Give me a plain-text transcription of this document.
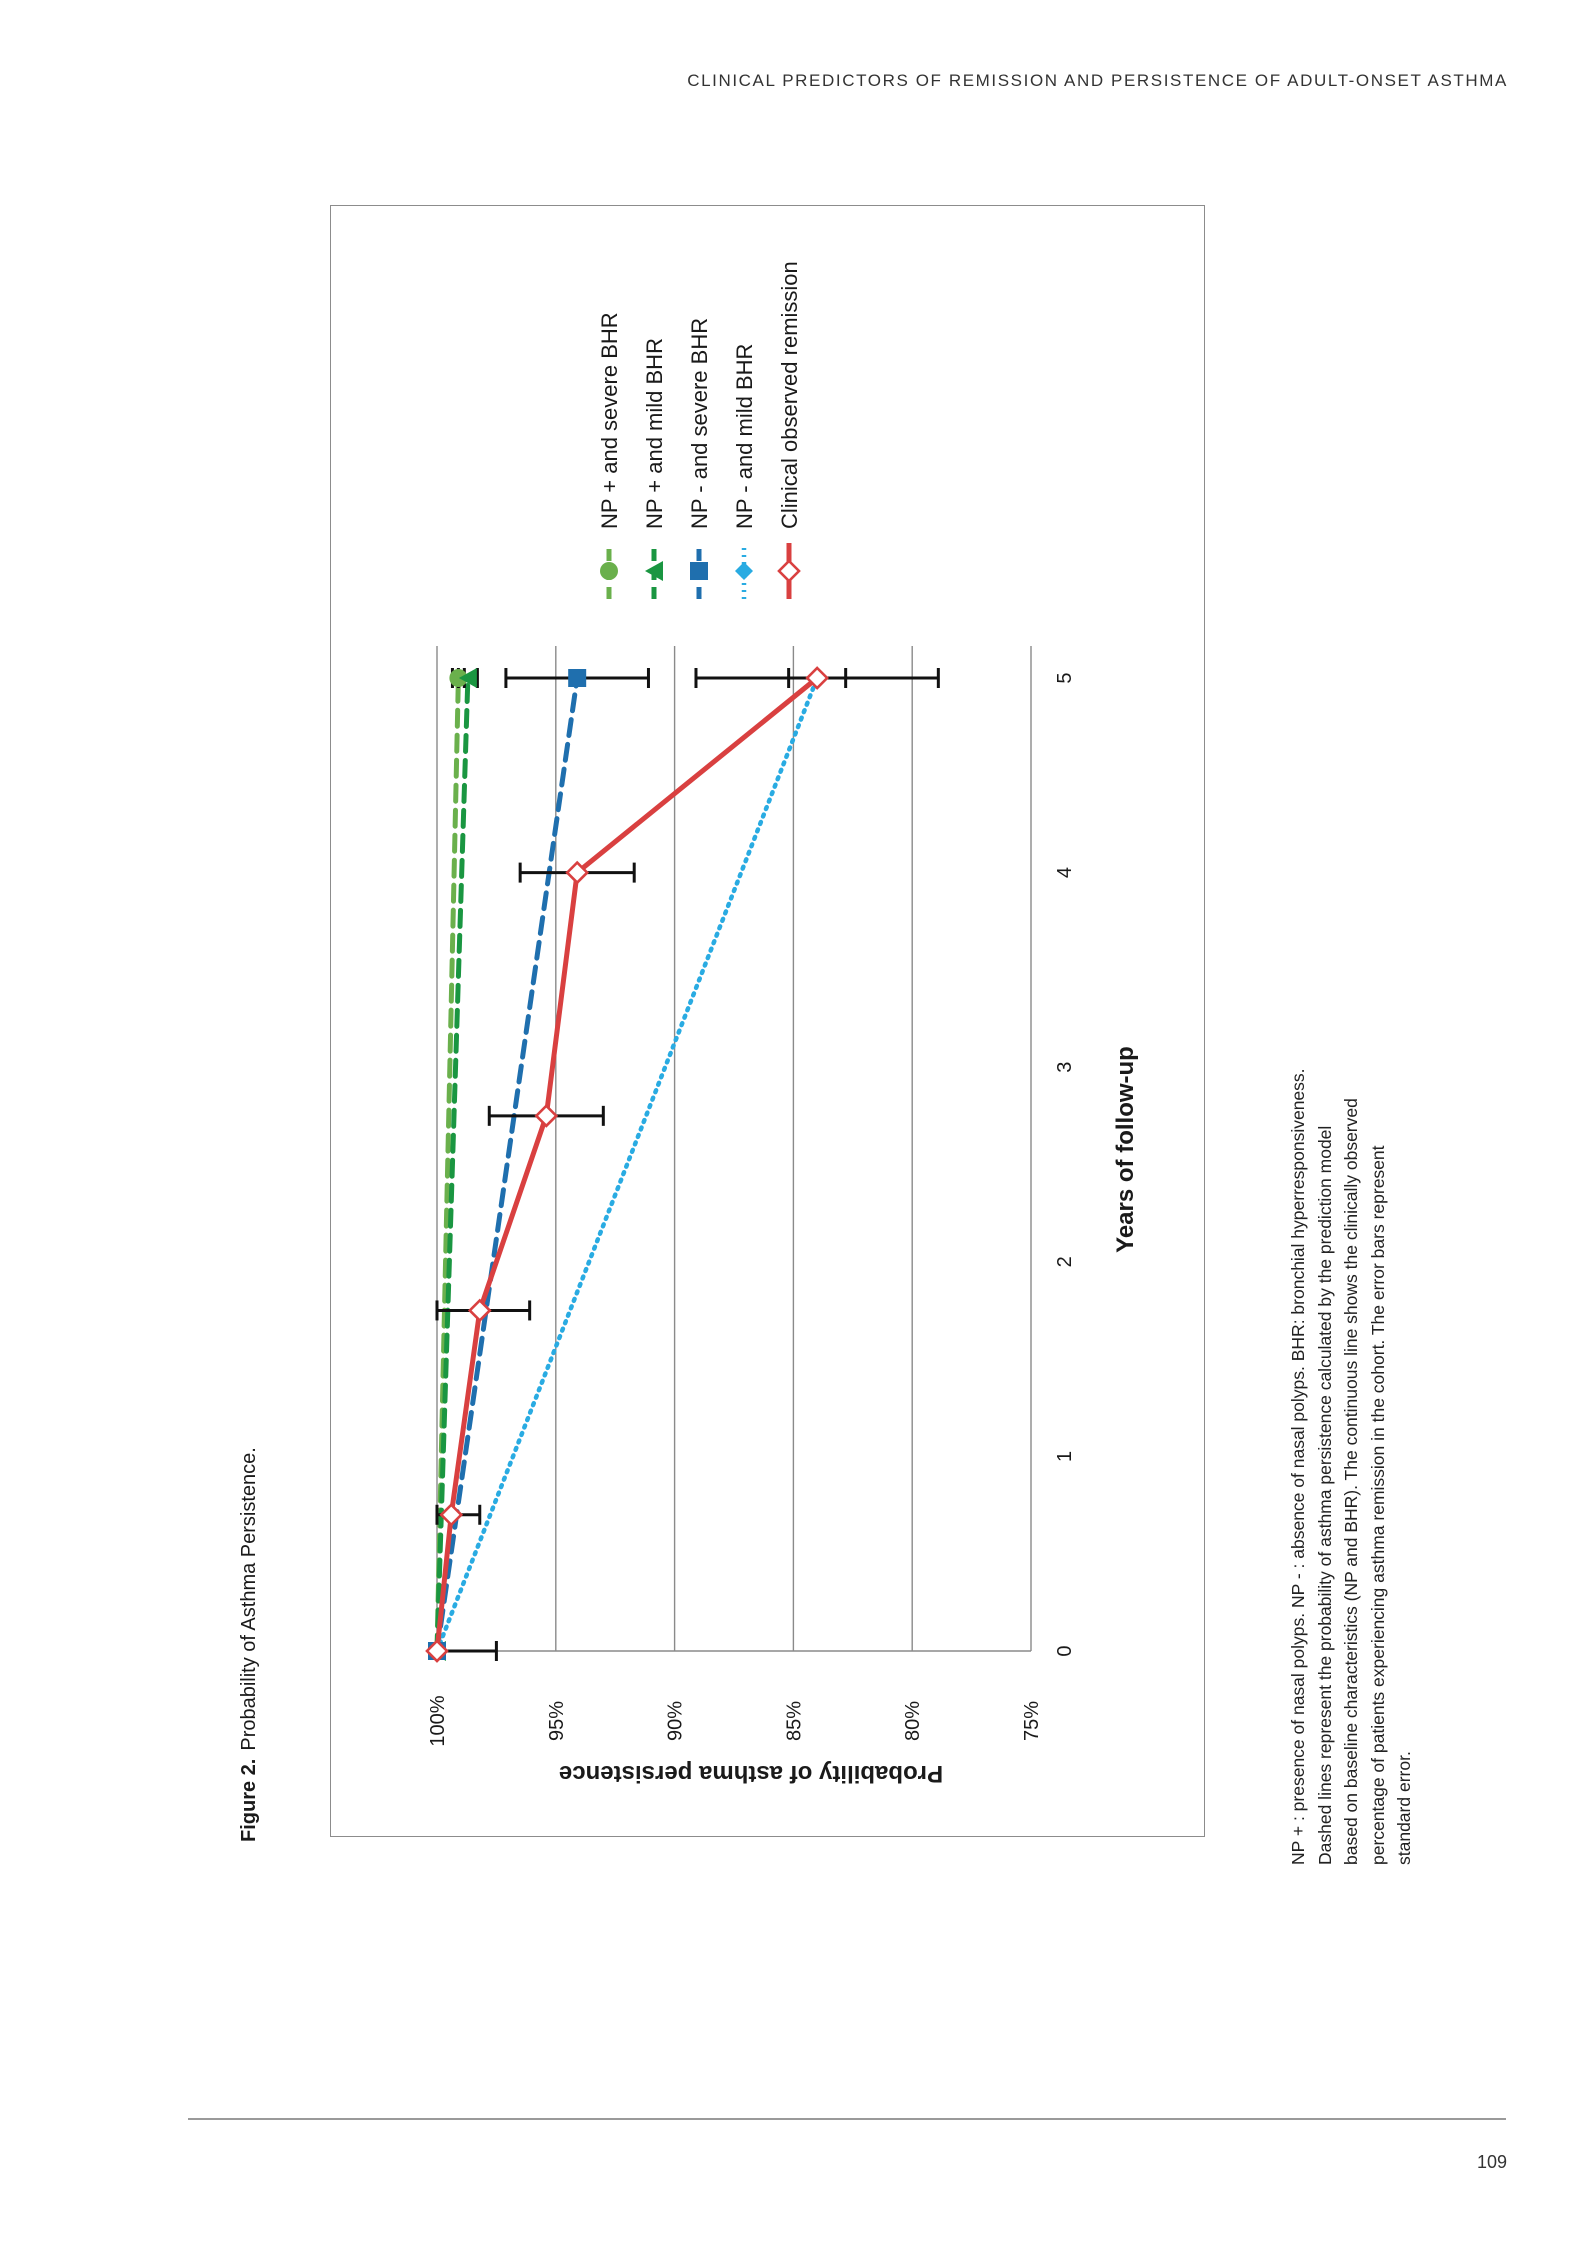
CLINICAL PREDICTORS OF REMISSION AND PERSISTENCE OF ADULT-ONSET ASTHMA
Figure 2.Probability of Asthma Persistence.	100%	95%	90%	85%	80%	75%
0
1
2
3
4
5
Years of follow-up
Probability of asthma persistence
NP + and severe BHR NP + and mild BHR NP - and severe BHR NP - and mild BHR Clinical observed remission
NP + : presence of nasal polyps. NP - : absence of nasal polyps. BHR: bronchial hyperresponsiveness. Dashed lines represent the probability of asthma persistence calculated by the prediction model based on baseline characteristics (NP and BHR). The continuous line shows the clinically observed percentage of patients experiencing asthma remission in the cohort. The error bars represent standard error.
109
